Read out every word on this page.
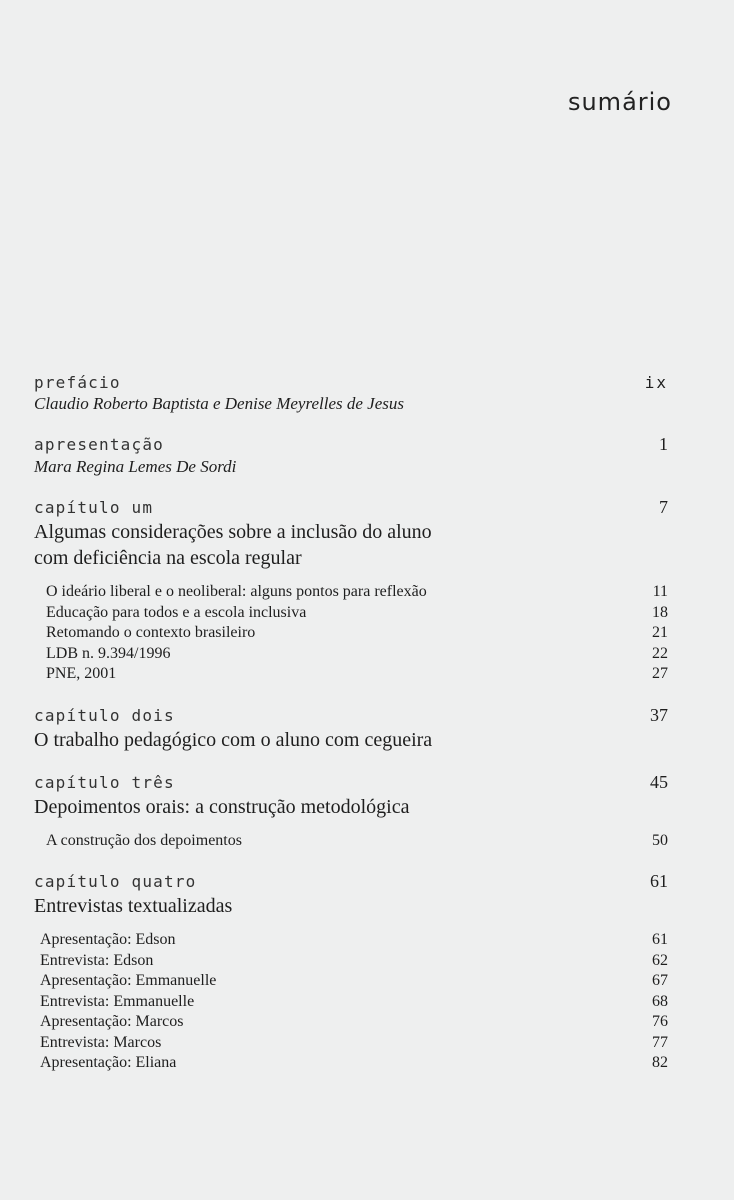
sumário
prefácio	ix
Claudio Roberto Baptista e Denise Meyrelles de Jesus
apresentação	1
Mara Regina Lemes De Sordi
capítulo um	7
Algumas considerações sobre a inclusão do aluno
com deficiência na escola regular
O ideário liberal e o neoliberal: alguns pontos para reflexão	11
Educação para todos e a escola inclusiva	18
Retomando o contexto brasileiro	21
LDB n. 9.394/1996	22
PNE, 2001	27
capítulo dois	37
O trabalho pedagógico com o aluno com cegueira
capítulo três	45
Depoimentos orais: a construção metodológica
A construção dos depoimentos	50
capítulo quatro	61
Entrevistas textualizadas
Apresentação: Edson	61
Entrevista: Edson	62
Apresentação: Emmanuelle	67
Entrevista: Emmanuelle	68
Apresentação: Marcos	76
Entrevista: Marcos	77
Apresentação: Eliana	82
